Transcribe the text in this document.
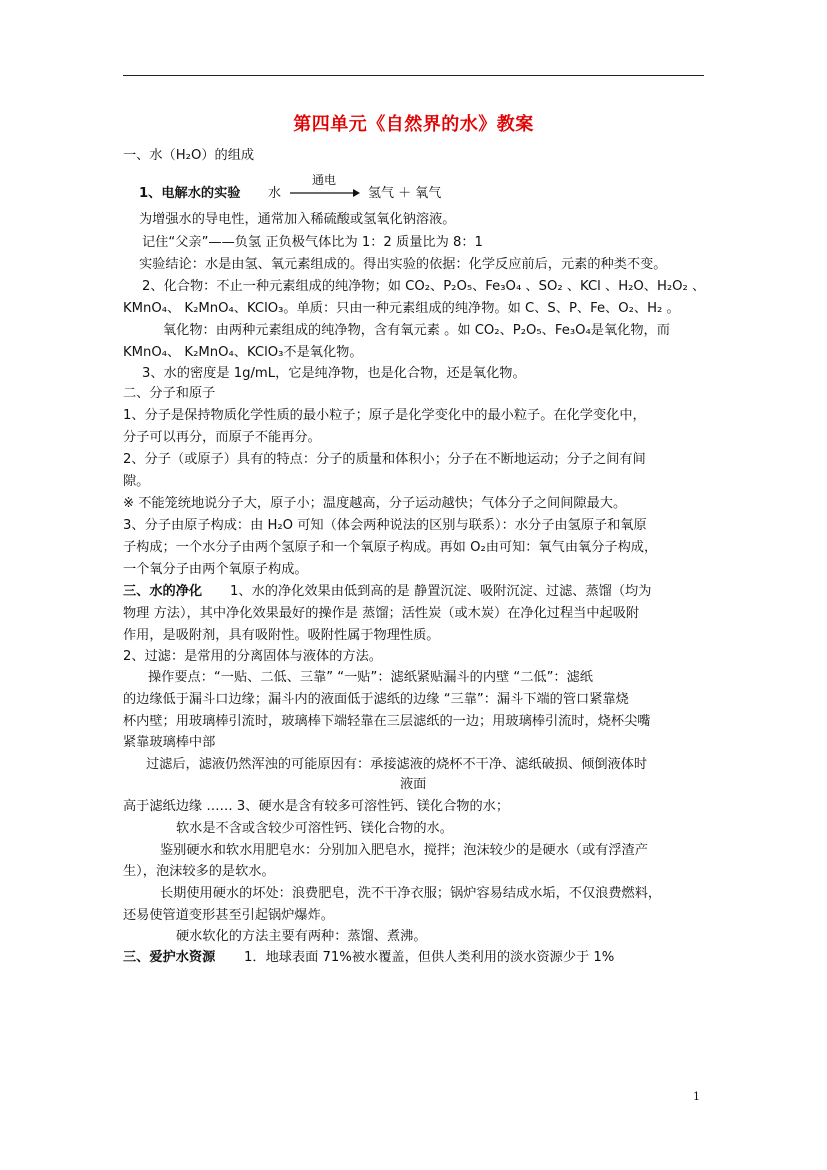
第四单元《自然界的水》教案
一、水（H₂O）的组成
1、电解水的实验 水
通电
氢气 ＋ 氧气
为增强水的导电性，通常加入稀硫酸或氢氧化钠溶液。
记住“父亲”——负氢 正负极气体比为 1：2 质量比为 8：1
实验结论：水是由氢、氧元素组成的。得出实验的依据：化学反应前后，元素的种类不变。
2、化合物：不止一种元素组成的纯净物；如 CO₂、P₂O₅、Fe₃O₄ 、SO₂ 、KCl 、H₂O、H₂O₂ 、
KMnO₄、 K₂MnO₄、KClO₃。单质：只由一种元素组成的纯净物。如 C、S、P、Fe、O₂、H₂ 。
氧化物：由两种元素组成的纯净物，含有氧元素 。如 CO₂、P₂O₅、Fe₃O₄是氧化物，而
KMnO₄、 K₂MnO₄、KClO₃不是氧化物。
3、水的密度是 1g/mL，它是纯净物，也是化合物，还是氧化物。
二、分子和原子
1、分子是保持物质化学性质的最小粒子；原子是化学变化中的最小粒子。在化学变化中，
分子可以再分，而原子不能再分。
2、分子（或原子）具有的特点：分子的质量和体积小；分子在不断地运动；分子之间有间
隙。
※ 不能笼统地说分子大，原子小；温度越高，分子运动越快；气体分子之间间隙最大。
3、分子由原子构成：由 H₂O 可知（体会两种说法的区别与联系）：水分子由氢原子和氧原
子构成；一个水分子由两个氢原子和一个氧原子构成。再如 O₂由可知：氧气由氧分子构成，
一个氧分子由两个氧原子构成。
三、水的净化 1、水的净化效果由低到高的是 静置沉淀、吸附沉淀、过滤、蒸馏（均为
物理 方法），其中净化效果最好的操作是 蒸馏；活性炭（或木炭）在净化过程当中起吸附
作用，是吸附剂，具有吸附性。吸附性属于物理性质。
2、过滤：是常用的分离固体与液体的方法。
操作要点：“一贴、二低、三靠” “一贴”：滤纸紧贴漏斗的内壁 “二低”：滤纸
的边缘低于漏斗口边缘；漏斗内的液面低于滤纸的边缘 “三靠”：漏斗下端的管口紧靠烧
杯内壁；用玻璃棒引流时，玻璃棒下端轻靠在三层滤纸的一边；用玻璃棒引流时，烧杯尖嘴
紧靠玻璃棒中部
过滤后，滤液仍然浑浊的可能原因有：承接滤液的烧杯不干净、滤纸破损、倾倒液体时
液面
高于滤纸边缘 …… 3、硬水是含有较多可溶性钙、镁化合物的水；
软水是不含或含较少可溶性钙、镁化合物的水。
鉴别硬水和软水用肥皂水：分别加入肥皂水，搅拌；泡沫较少的是硬水（或有浮渣产
生），泡沫较多的是软水。
长期使用硬水的坏处：浪费肥皂，洗不干净衣服；锅炉容易结成水垢，不仅浪费燃料，
还易使管道变形甚至引起锅炉爆炸。
硬水软化的方法主要有两种：蒸馏、煮沸。
三、爱护水资源 1．地球表面 71%被水覆盖，但供人类利用的淡水资源少于 1%
1
